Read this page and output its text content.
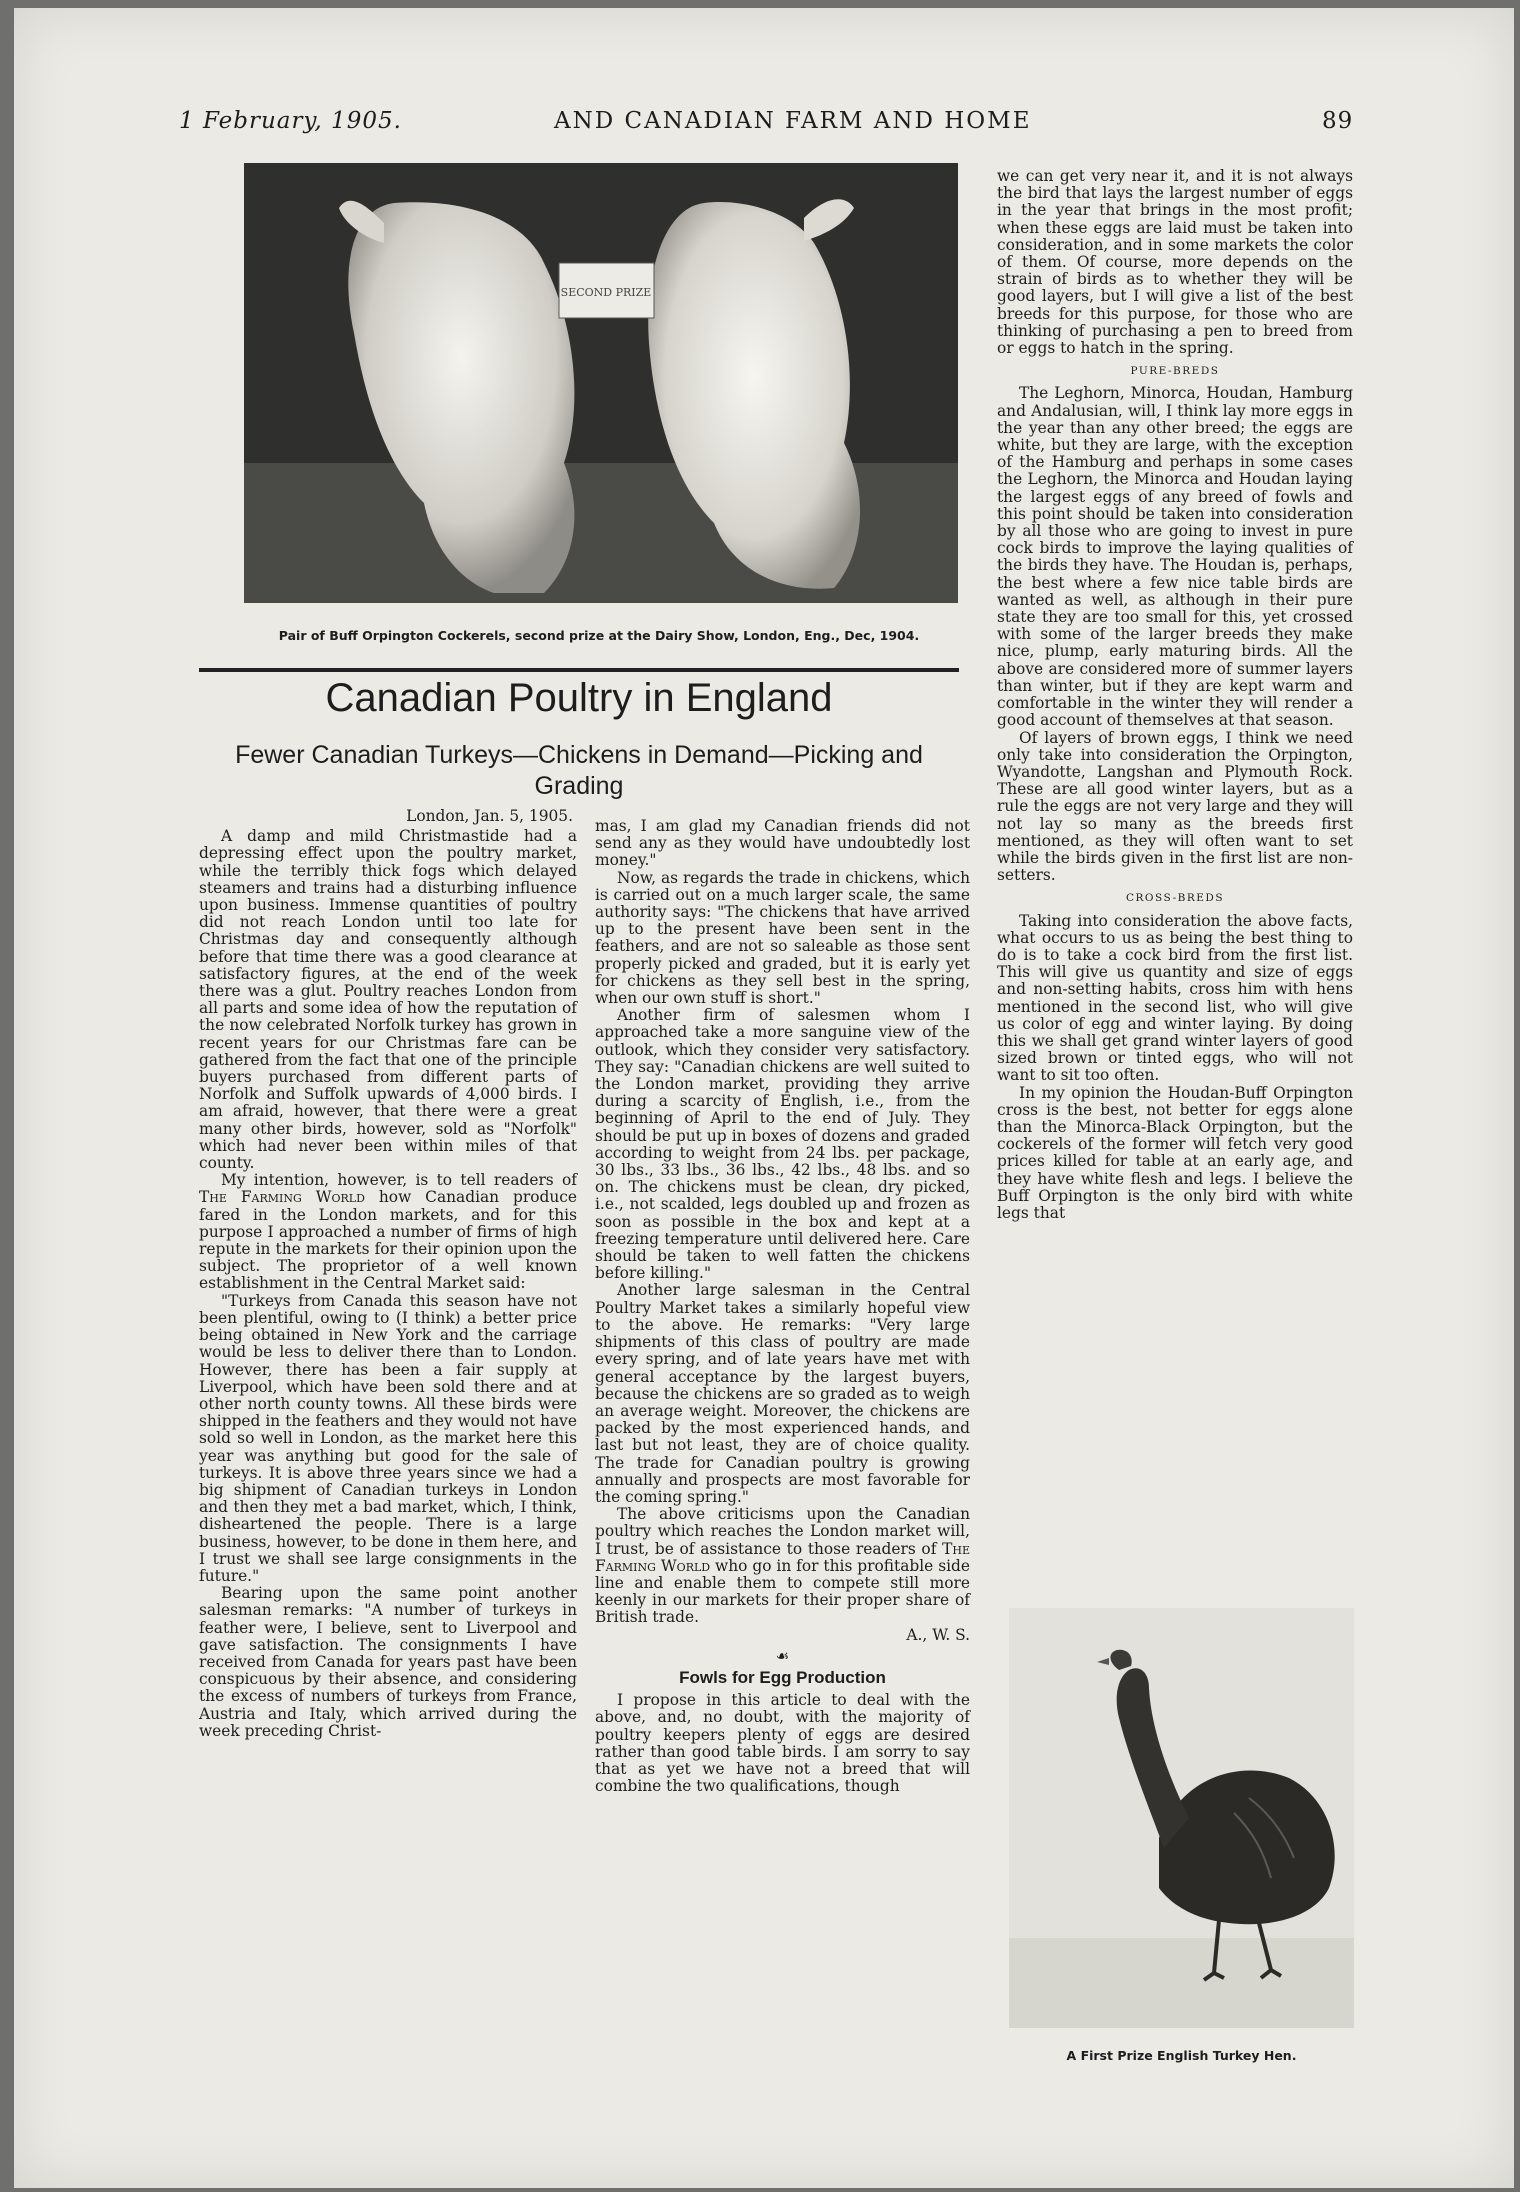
1 February, 1905.	AND CANADIAN FARM AND HOME	89
SECOND PRIZE
Pair of Buff Orpington Cockerels, second prize at the Dairy Show, London, Eng., Dec, 1904.
Canadian Poultry in England
Fewer Canadian Turkeys—Chickens in Demand—Picking and Grading

London, Jan. 5, 1905.

A damp and mild Christmastide had a depressing effect upon the poultry market, while the terribly thick fogs which delayed steamers and trains had a disturbing influence upon business. Immense quantities of poultry did not reach London until too late for Christmas day and consequently although before that time there was a good clearance at satisfactory figures, at the end of the week there was a glut. Poultry reaches London from all parts and some idea of how the reputation of the now celebrated Norfolk turkey has grown in recent years for our Christmas fare can be gathered from the fact that one of the principle buyers purchased from different parts of Norfolk and Suffolk upwards of 4,000 birds. I am afraid, however, that there were a great many other birds, however, sold as "Norfolk" which had never been within miles of that county.

My intention, however, is to tell readers of The Farming World how Canadian produce fared in the London markets, and for this purpose I approached a number of firms of high repute in the markets for their opinion upon the subject. The proprietor of a well known establishment in the Central Market said:

"Turkeys from Canada this season have not been plentiful, owing to (I think) a better price being obtained in New York and the carriage would be less to deliver there than to London. However, there has been a fair supply at Liverpool, which have been sold there and at other north county towns. All these birds were shipped in the feathers and they would not have sold so well in London, as the market here this year was anything but good for the sale of turkeys. It is above three years since we had a big shipment of Canadian turkeys in London and then they met a bad market, which, I think, disheartened the people. There is a large business, however, to be done in them here, and I trust we shall see large consignments in the future."

Bearing upon the same point another salesman remarks: "A number of turkeys in feather were, I believe, sent to Liverpool and gave satisfaction. The consignments I have received from Canada for years past have been conspicuous by their absence, and considering the excess of numbers of turkeys from France, Austria and Italy, which arrived during the week preceding Christ-

mas, I am glad my Canadian friends did not send any as they would have undoubtedly lost money."

Now, as regards the trade in chickens, which is carried out on a much larger scale, the same authority says: "The chickens that have arrived up to the present have been sent in the feathers, and are not so saleable as those sent properly picked and graded, but it is early yet for chickens as they sell best in the spring, when our own stuff is short."

Another firm of salesmen whom I approached take a more sanguine view of the outlook, which they consider very satisfactory. They say: "Canadian chickens are well suited to the London market, providing they arrive during a scarcity of English, i.e., from the beginning of April to the end of July. They should be put up in boxes of dozens and graded according to weight from 24 lbs. per package, 30 lbs., 33 lbs., 36 lbs., 42 lbs., 48 lbs. and so on. The chickens must be clean, dry picked, i.e., not scalded, legs doubled up and frozen as soon as possible in the box and kept at a freezing temperature until delivered here. Care should be taken to well fatten the chickens before killing."

Another large salesman in the Central Poultry Market takes a similarly hopeful view to the above. He remarks: "Very large shipments of this class of poultry are made every spring, and of late years have met with general acceptance by the largest buyers, because the chickens are so graded as to weigh an average weight. Moreover, the chickens are packed by the most experienced hands, and last but not least, they are of choice quality. The trade for Canadian poultry is growing annually and prospects are most favorable for the coming spring."

The above criticisms upon the Canadian poultry which reaches the London market will, I trust, be of assistance to those readers of The Farming World who go in for this profitable side line and enable them to compete still more keenly in our markets for their proper share of British trade.

A., W. S.

☙

Fowls for Egg Production

I propose in this article to deal with the above, and, no doubt, with the majority of poultry keepers plenty of eggs are desired rather than good table birds. I am sorry to say that as yet we have not a breed that will combine the two qualifications, though

we can get very near it, and it is not always the bird that lays the largest number of eggs in the year that brings in the most profit; when these eggs are laid must be taken into consideration, and in some markets the color of them. Of course, more depends on the strain of birds as to whether they will be good layers, but I will give a list of the best breeds for this purpose, for those who are thinking of purchasing a pen to breed from or eggs to hatch in the spring.

PURE-BREDS

The Leghorn, Minorca, Houdan, Hamburg and Andalusian, will, I think lay more eggs in the year than any other breed; the eggs are white, but they are large, with the exception of the Hamburg and perhaps in some cases the Leghorn, the Minorca and Houdan laying the largest eggs of any breed of fowls and this point should be taken into consideration by all those who are going to invest in pure cock birds to improve the laying qualities of the birds they have. The Houdan is, perhaps, the best where a few nice table birds are wanted as well, as although in their pure state they are too small for this, yet crossed with some of the larger breeds they make nice, plump, early maturing birds. All the above are considered more of summer layers than winter, but if they are kept warm and comfortable in the winter they will render a good account of themselves at that season.

Of layers of brown eggs, I think we need only take into consideration the Orpington, Wyandotte, Langshan and Plymouth Rock. These are all good winter layers, but as a rule the eggs are not very large and they will not lay so many as the breeds first mentioned, as they will often want to set while the birds given in the first list are non-setters.

CROSS-BREDS

Taking into consideration the above facts, what occurs to us as being the best thing to do is to take a cock bird from the first list. This will give us quantity and size of eggs and non-setting habits, cross him with hens mentioned in the second list, who will give us color of egg and winter laying. By doing this we shall get grand winter layers of good sized brown or tinted eggs, who will not want to sit too often.

In my opinion the Houdan-Buff Orpington cross is the best, not better for eggs alone than the Minorca-Black Orpington, but the cockerels of the former will fetch very good prices killed for table at an early age, and they have white flesh and legs. I believe the Buff Orpington is the only bird with white legs that

A First Prize English Turkey Hen.
